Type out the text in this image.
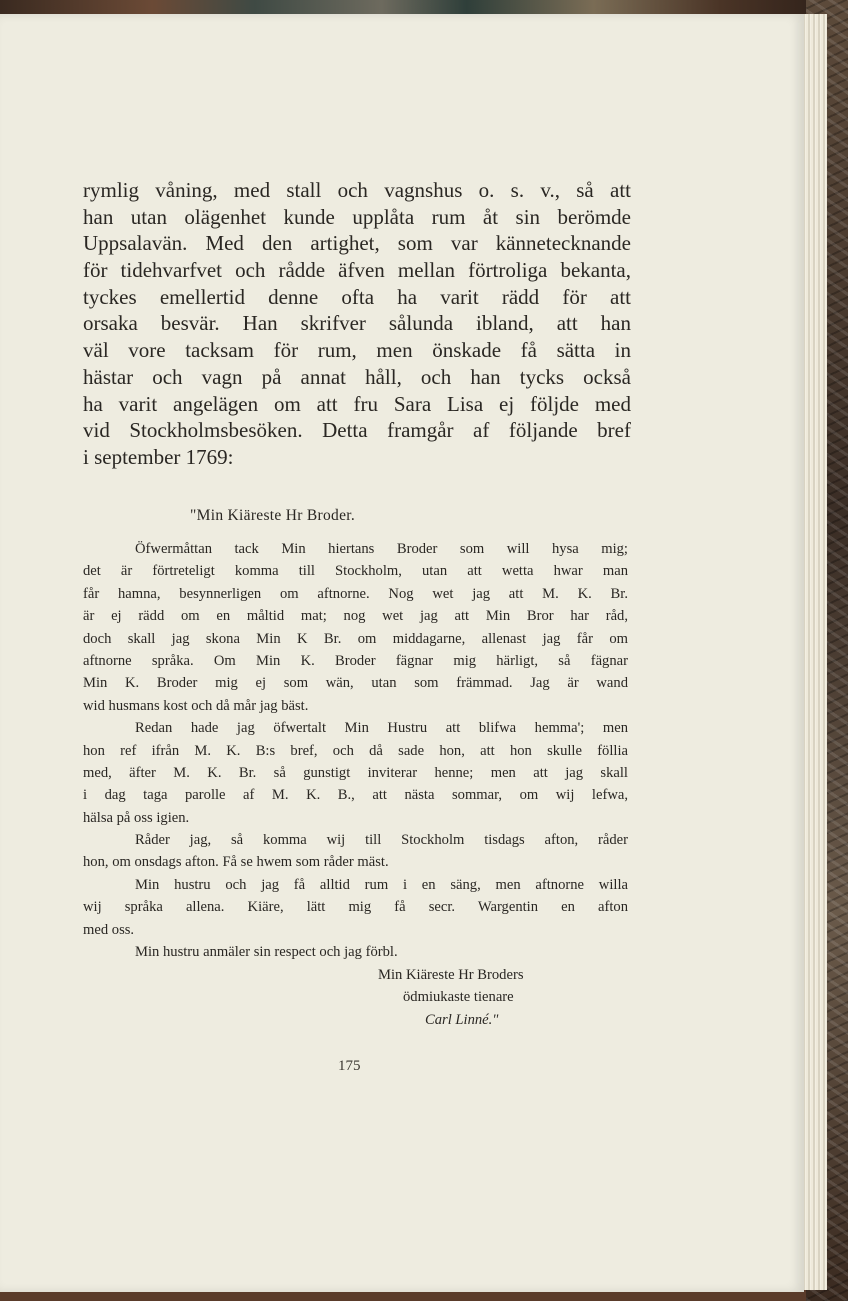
rymlig våning, med stall och vagnshus o. s. v., så att
han utan olägenhet kunde upplåta rum åt sin berömde
Uppsalavän. Med den artighet, som var kännetecknande
för tidehvarfvet och rådde äfven mellan förtroliga bekanta,
tyckes emellertid denne ofta ha varit rädd för att
orsaka besvär. Han skrifver sålunda ibland, att han
väl vore tacksam för rum, men önskade få sätta in
hästar och vagn på annat håll, och han tycks också
ha varit angelägen om att fru Sara Lisa ej följde med
vid Stockholmsbesöken. Detta framgår af följande bref
i september 1769:
"Min Kiäreste Hr Broder.
Öfwermåttan tack Min hiertans Broder som will hysa mig;
det är förtreteligt komma till Stockholm, utan att wetta hwar man
får hamna, besynnerligen om aftnorne. Nog wet jag att M. K. Br.
är ej rädd om en måltid mat; nog wet jag att Min Bror har råd,
doch skall jag skona Min K Br. om middagarne, allenast jag får om
aftnorne språka. Om Min K. Broder fägnar mig härligt, så fägnar
Min K. Broder mig ej som wän, utan som främmad. Jag är wand
wid husmans kost och då mår jag bäst.
Redan hade jag öfwertalt Min Hustru att blifwa hemma'; men
hon ref ifrån M. K. B:s bref, och då sade hon, att hon skulle föllia
med, äfter M. K. Br. så gunstigt inviterar henne; men att jag skall
i dag taga parolle af M. K. B., att nästa sommar, om wij lefwa,
hälsa på oss igien.
Råder jag, så komma wij till Stockholm tisdags afton, råder
hon, om onsdags afton. Få se hwem som råder mäst.
Min hustru och jag få alltid rum i en säng, men aftnorne willa
wij språka allena. Kiäre, lätt mig få secr. Wargentin en afton
med oss.
Min hustru anmäler sin respect och jag förbl.
Min Kiäreste Hr Broders
ödmiukaste tienare
Carl Linné."
175
